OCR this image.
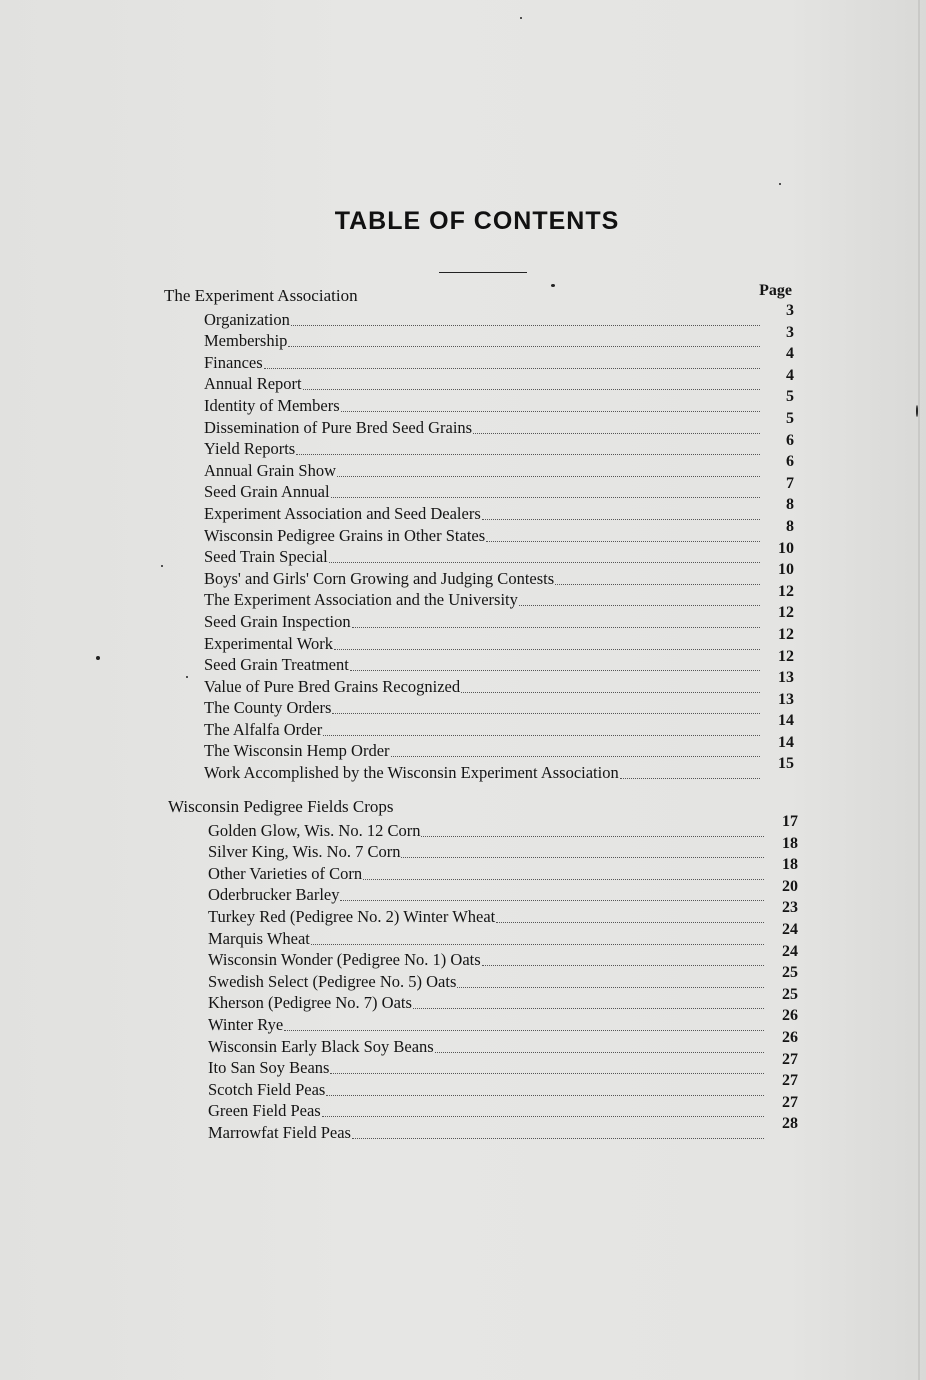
TABLE OF CONTENTS
The Experiment Association	Page
Organization	3
Membership	3
Finances	4
Annual Report	4
Identity of Members	5
Dissemination of Pure Bred Seed Grains	5
Yield Reports	6
Annual Grain Show	6
Seed Grain Annual	7
Experiment Association and Seed Dealers	8
Wisconsin Pedigree Grains in Other States	8
Seed Train Special	10
Boys' and Girls' Corn Growing and Judging Contests	10
The Experiment Association and the University	12
Seed Grain Inspection	12
Experimental Work	12
Seed Grain Treatment	12
Value of Pure Bred Grains Recognized	13
The County Orders	13
The Alfalfa Order	14
The Wisconsin Hemp Order	14
Work Accomplished by the Wisconsin Experiment Association	15
Wisconsin Pedigree Fields Crops
Golden Glow, Wis. No. 12 Corn	17
Silver King, Wis. No. 7 Corn	18
Other Varieties of Corn	18
Oderbrucker Barley	20
Turkey Red (Pedigree No. 2) Winter Wheat	23
Marquis Wheat	24
Wisconsin Wonder (Pedigree No. 1) Oats	24
Swedish Select (Pedigree No. 5) Oats	25
Kherson (Pedigree No. 7) Oats	25
Winter Rye	26
Wisconsin Early Black Soy Beans	26
Ito San Soy Beans	27
Scotch Field Peas	27
Green Field Peas	27
Marrowfat Field Peas	28
